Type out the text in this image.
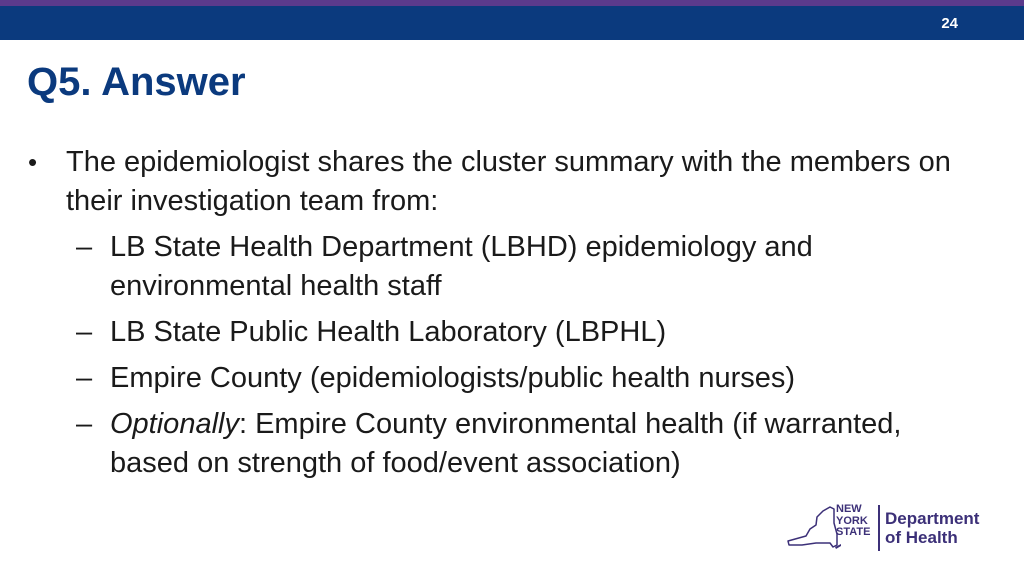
24
Q5. Answer
• The epidemiologist shares the cluster summary with the members on their investigation team from:
– LB State Health Department (LBHD) epidemiology and environmental health staff
– LB State Public Health Laboratory (LBPHL)
– Empire County (epidemiologists/public health nurses)
– Optionally: Empire County environmental health (if warranted, based on strength of food/event association)
NEW
YORK
STATE
Department
of Health
